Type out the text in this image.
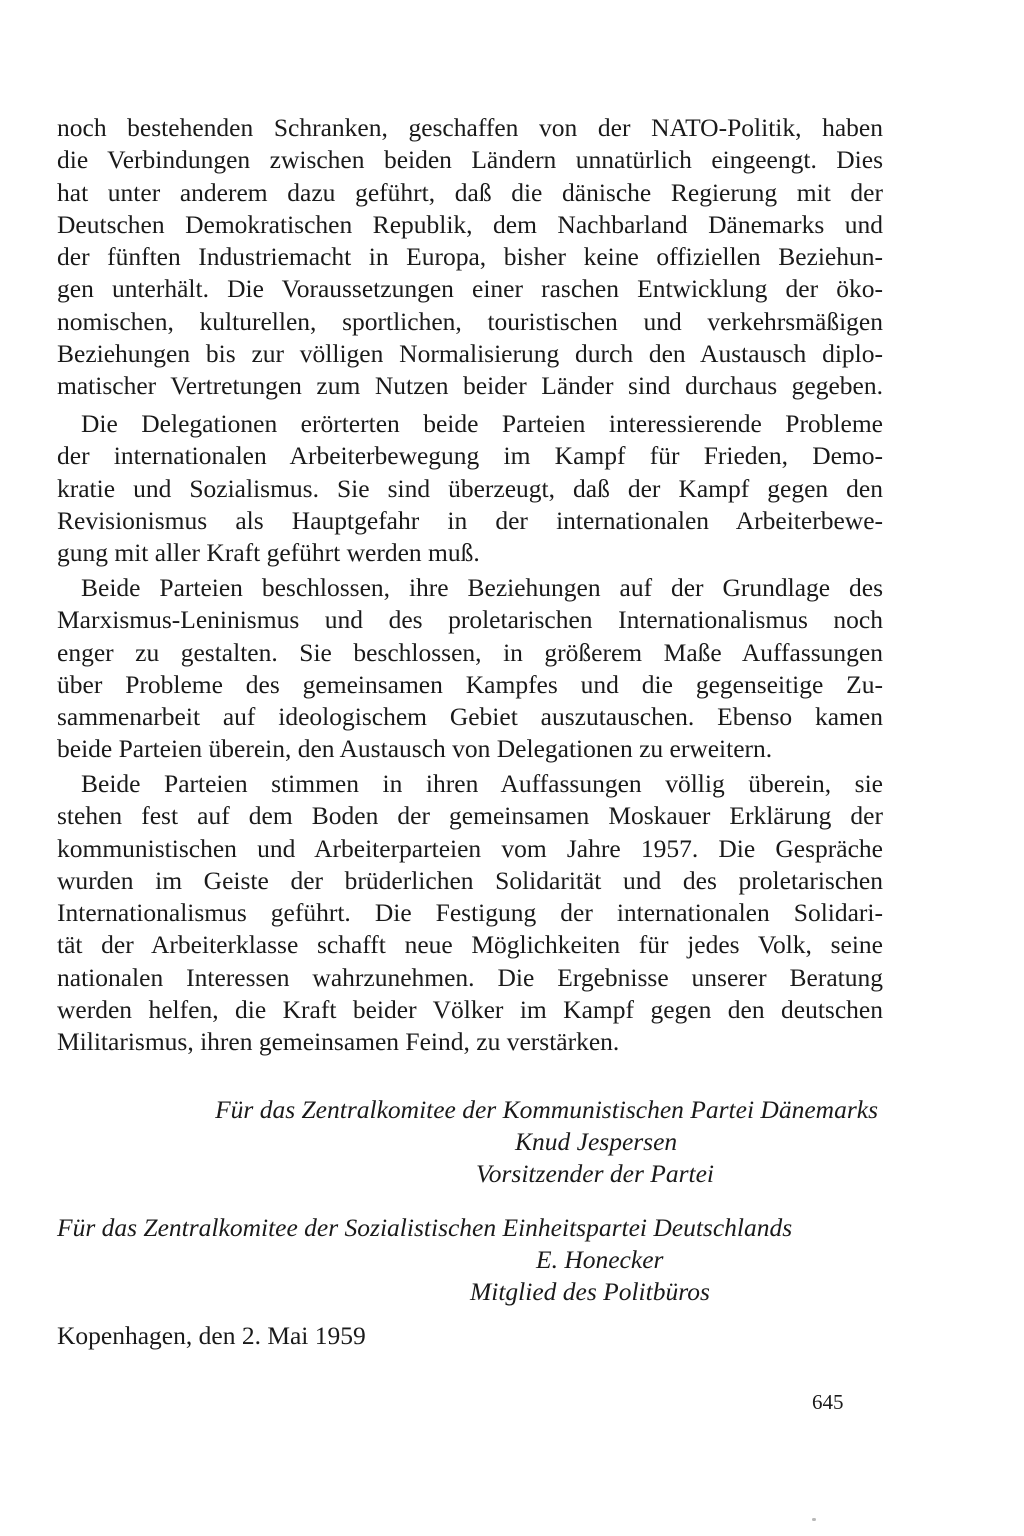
noch bestehenden Schranken, geschaffen von der NATO-Politik, haben
die Verbindungen zwischen beiden Ländern unnatürlich eingeengt. Dies
hat unter anderem dazu geführt, daß die dänische Regierung mit der
Deutschen Demokratischen Republik, dem Nachbarland Dänemarks und
der fünften Industriemacht in Europa, bisher keine offiziellen Beziehun-
gen unterhält. Die Voraussetzungen einer raschen Entwicklung der öko-
nomischen, kulturellen, sportlichen, touristischen und verkehrsmäßigen
Beziehungen bis zur völligen Normalisierung durch den Austausch diplo-
matischer Vertretungen zum Nutzen beider Länder sind durchaus gegeben.
Die Delegationen erörterten beide Parteien interessierende Probleme
der internationalen Arbeiterbewegung im Kampf für Frieden, Demo-
kratie und Sozialismus. Sie sind überzeugt, daß der Kampf gegen den
Revisionismus als Hauptgefahr in der internationalen Arbeiterbewe-
gung mit aller Kraft geführt werden muß.
Beide Parteien beschlossen, ihre Beziehungen auf der Grundlage des
Marxismus-Leninismus und des proletarischen Internationalismus noch
enger zu gestalten. Sie beschlossen, in größerem Maße Auffassungen
über Probleme des gemeinsamen Kampfes und die gegenseitige Zu-
sammenarbeit auf ideologischem Gebiet auszutauschen. Ebenso kamen
beide Parteien überein, den Austausch von Delegationen zu erweitern.
Beide Parteien stimmen in ihren Auffassungen völlig überein, sie
stehen fest auf dem Boden der gemeinsamen Moskauer Erklärung der
kommunistischen und Arbeiterparteien vom Jahre 1957. Die Gespräche
wurden im Geiste der brüderlichen Solidarität und des proletarischen
Internationalismus geführt. Die Festigung der internationalen Solidari-
tät der Arbeiterklasse schafft neue Möglichkeiten für jedes Volk, seine
nationalen Interessen wahrzunehmen. Die Ergebnisse unserer Beratung
werden helfen, die Kraft beider Völker im Kampf gegen den deutschen
Militarismus, ihren gemeinsamen Feind, zu verstärken.
Für das Zentralkomitee der Kommunistischen Partei Dänemarks
Knud Jespersen
Vorsitzender der Partei
Für das Zentralkomitee der Sozialistischen Einheitspartei Deutschlands
E. Honecker
Mitglied des Politbüros
Kopenhagen, den 2. Mai 1959
645
